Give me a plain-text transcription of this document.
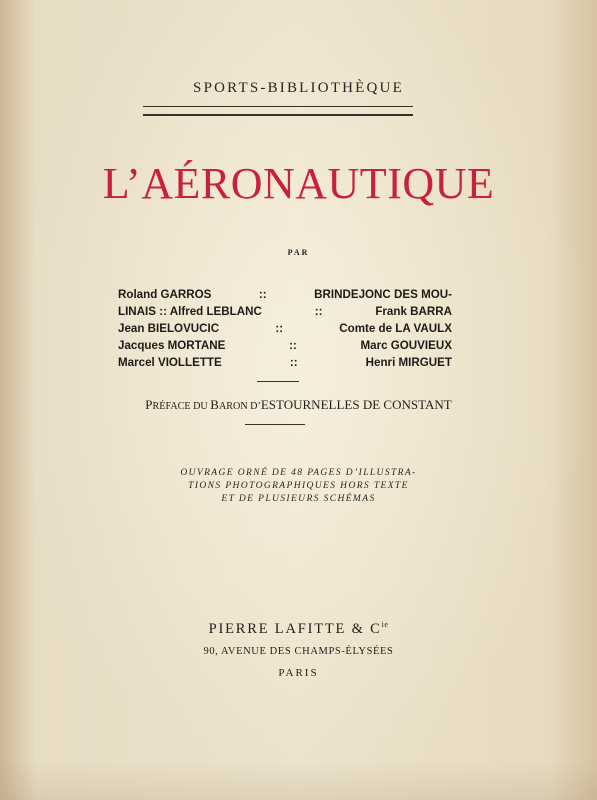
SPORTS-BIBLIOTHÈQUE
L’AÉRONAUTIQUE
PAR
Roland GARROS	::	BRINDEJONC DES MOU-
LINAIS :: Alfred LEBLANC	::	Frank BARRA
Jean BIELOVUCIC	::	Comte de LA VAULX
Jacques MORTANE	::	Marc GOUVIEUX
Marcel VIOLLETTE	::	Henri MIRGUET
PRÉFACE DU BARON D’ESTOURNELLES DE CONSTANT
OUVRAGE ORNÉ DE 48 PAGES D’ILLUSTRA-
TIONS PHOTOGRAPHIQUES HORS TEXTE
ET DE PLUSIEURS SCHÉMAS
PIERRE LAFITTE & $C^{ie}$
90, AVENUE DES CHAMPS-ÉLYSÉES
PARIS
